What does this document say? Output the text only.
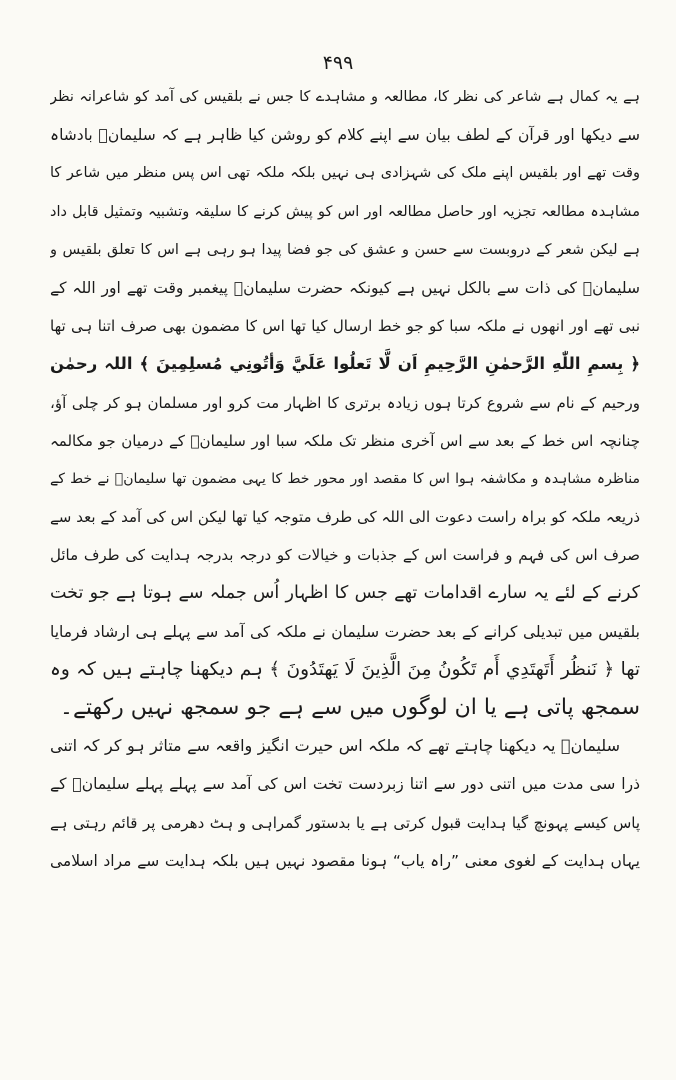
۴۹۹
ہے یہ کمال ہے شاعر کی نظر کا، مطالعہ و مشاہدے کا جس نے بلقیس کی آمد کو شاعرانہ نظر
سے دیکھا اور قرآن کے لطف بیان سے اپنے کلام کو روشن کیا ظاہر ہے کہ سلیمانؑ بادشاہ
وقت تھے اور بلقیس اپنے ملک کی شہزادی ہی نہیں بلکہ ملکہ تھی اس پس منظر میں شاعر کا
مشاہدہ مطالعہ تجزیہ اور حاصل مطالعہ اور اس کو پیش کرنے کا سلیقہ وتشبیہ وتمثیل قابل داد
ہے لیکن شعر کے دروبست سے حسن و عشق کی جو فضا پیدا ہو رہی ہے اس کا تعلق بلقیس و
سلیمانؑ کی ذات سے بالکل نہیں ہے کیونکہ حضرت سلیمانؑ پیغمبر وقت تھے اور اللہ کے
نبی تھے اور انھوں نے ملکہ سبا کو جو خط ارسال کیا تھا اس کا مضمون بھی صرف اتنا ہی تھا
﴿ بِسمِ اللّٰهِ الرَّحمٰنِ الرَّحِيمِ اَن لَّا تَعلُوا عَلَيَّ وَأتُونِي مُسلِمِينَ ﴾ اللہ رحمٰن
ورحیم کے نام سے شروع کرتا ہوں زیادہ برتری کا اظہار مت کرو اور مسلمان ہو کر چلی آؤ،
چنانچہ اس خط کے بعد سے اس آخری منظر تک ملکہ سبا اور سلیمانؑ کے درمیان جو مکالمہ
مناظرہ مشاہدہ و مکاشفہ ہوا اس کا مقصد اور محور خط کا یہی مضمون تھا سلیمانؑ نے خط کے
ذریعہ ملکہ کو براہ راست دعوت الی اللہ کی طرف متوجہ کیا تھا لیکن اس کی آمد کے بعد سے
صرف اس کی فہم و فراست اس کے جذبات و خیالات کو درجہ بدرجہ ہدایت کی طرف مائل
کرنے کے لئے یہ سارے اقدامات تھے جس کا اظہار اُس جملہ سے ہوتا ہے جو تخت
بلقیس میں تبدیلی کرانے کے بعد حضرت سلیمان نے ملکہ کی آمد سے پہلے ہی ارشاد فرمایا
تھا ﴿ نَنظُر أَتَهتَدِي أَم تَكُونُ مِنَ الَّذِينَ لَا يَهتَدُونَ ﴾ ہم دیکھنا چاہتے ہیں کہ وہ
سمجھ پاتی ہے یا ان لوگوں میں سے ہے جو سمجھ نہیں رکھتے۔
سلیمانؑ یہ دیکھنا چاہتے تھے کہ ملکہ اس حیرت انگیز واقعہ سے متاثر ہو کر کہ اتنی
ذرا سی مدت میں اتنی دور سے اتنا زبردست تخت اس کی آمد سے پہلے پہلے سلیمانؑ کے
پاس کیسے پہونچ گیا ہدایت قبول کرتی ہے یا بدستور گمراہی و ہٹ دھرمی پر قائم رہتی ہے
یہاں ہدایت کے لغوی معنی ”راہ یاب“ ہونا مقصود نہیں ہیں بلکہ ہدایت سے مراد اسلامی
